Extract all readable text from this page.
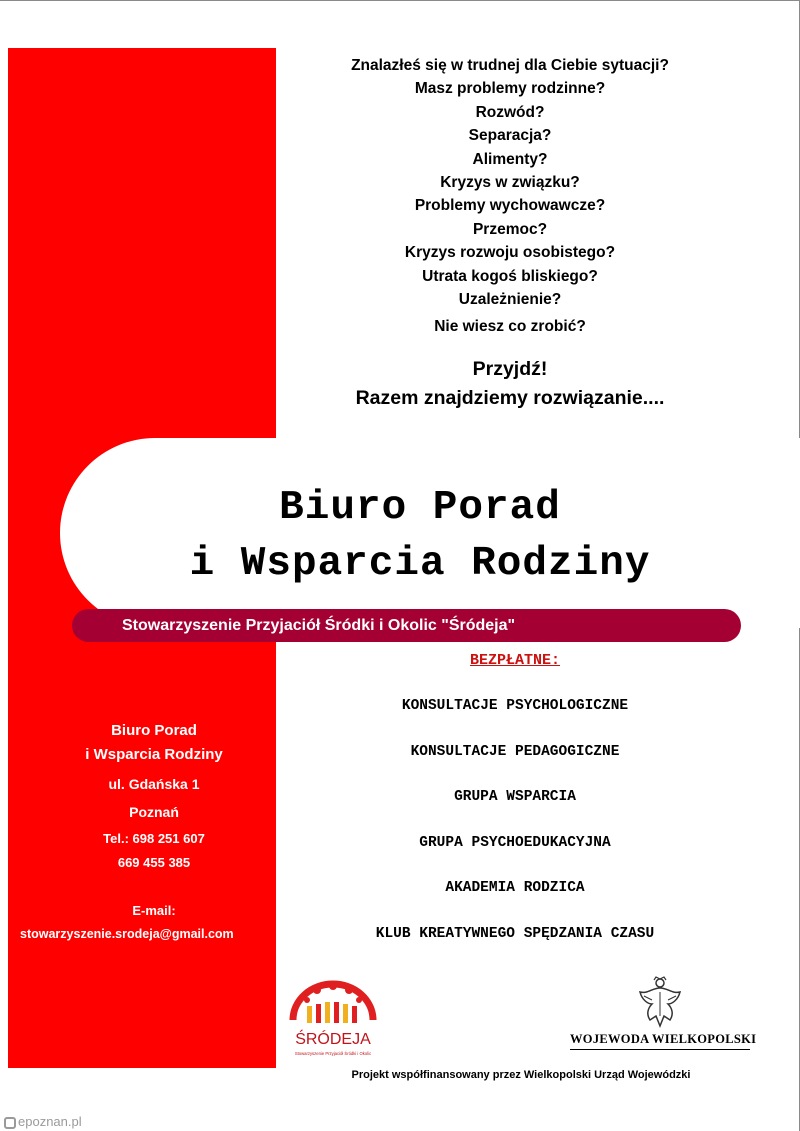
Znalazłeś się w trudnej dla Ciebie sytuacji?
Masz problemy rodzinne?
Rozwód?
Separacja?
Alimenty?
Kryzys w związku?
Problemy wychowawcze?
Przemoc?
Kryzys rozwoju osobistego?
Utrata kogoś bliskiego?
Uzależnienie?
Nie wiesz co zrobić?
Przyjdź!
Razem znajdziemy rozwiązanie....
Biuro Porad
i Wsparcia Rodziny
Stowarzyszenie Przyjaciół Śródki i Okolic "Śródeja"
BEZPŁATNE:
KONSULTACJE PSYCHOLOGICZNE
KONSULTACJE PEDAGOGICZNE
GRUPA WSPARCIA
GRUPA PSYCHOEDUKACYJNA
AKADEMIA RODZICA
KLUB KREATYWNEGO SPĘDZANIA CZASU
Biuro Porad
i Wsparcia Rodziny
ul. Gdańska 1
Poznań
Tel.: 698 251 607
669 455 385
E-mail:
stowarzyszenie.srodeja@gmail.com
ŚRÓDEJA
Stowarzyszenie Przyjaciół Śródki i Okolic
WOJEWODA WIELKOPOLSKI
Projekt współfinansowany przez Wielkopolski Urząd Wojewódzki
epoznan.pl
